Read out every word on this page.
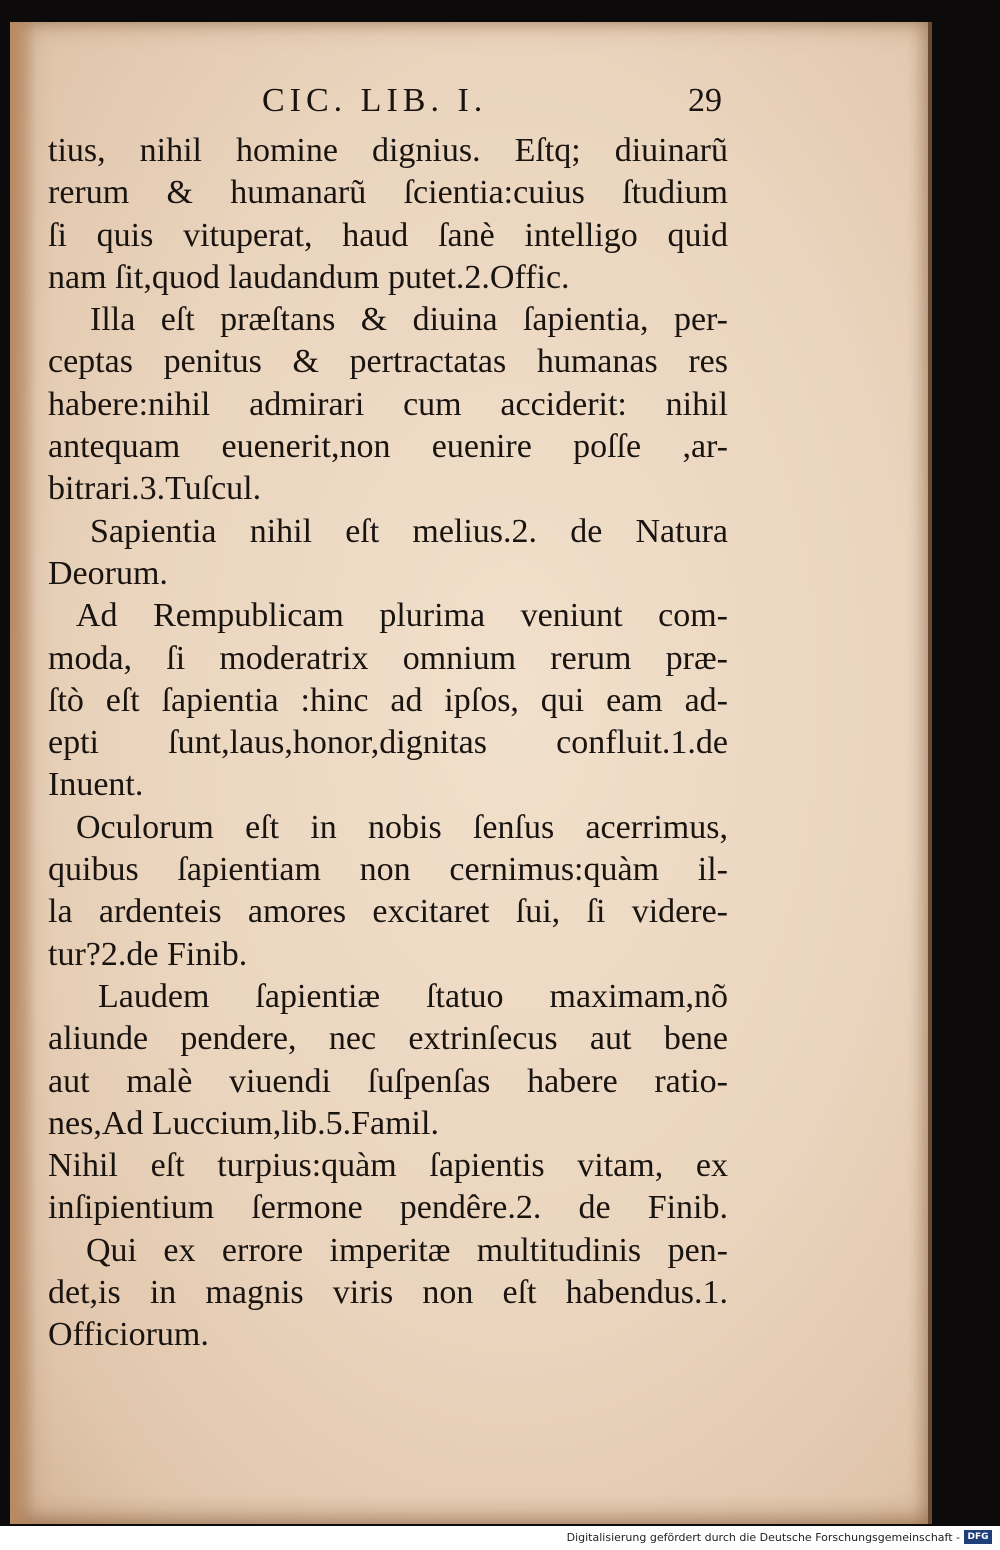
CIC. LIB. I.	29
tius, nihil homine dignius. Eſtq; diuinarũ
rerum & humanarũ ſcientia:cuius ſtudium
ſi quis vituperat, haud ſanè intelligo quid
nam ſit,quod laudandum putet.2.Offic.
Illa eſt præſtans & diuina ſapientia, per-
ceptas penitus & pertractatas humanas res
habere:nihil admirari cum acciderit: nihil
antequam euenerit,non euenire poſſe ,ar-
bitrari.3.Tuſcul.
Sapientia nihil eſt melius.2. de Natura
Deorum.
Ad Rempublicam plurima veniunt com-
moda, ſi moderatrix omnium rerum præ-
ſtò eſt ſapientia :hinc ad ipſos, qui eam ad-
epti ſunt,laus,honor,dignitas confluit.1.de
Inuent.
Oculorum eſt in nobis ſenſus acerrimus,
quibus ſapientiam non cernimus:quàm il-
la ardenteis amores excitaret ſui, ſi videre-
tur?2.de Finib.
Laudem ſapientiæ ſtatuo maximam,nõ
aliunde pendere, nec extrinſecus aut bene
aut malè viuendi ſuſpenſas habere ratio-
nes,Ad Luccium,lib.5.Famil.
Nihil eſt turpius:quàm ſapientis vitam, ex
inſipientium ſermone pendêre.2. de Finib.
Qui ex errore imperitæ multitudinis pen-
det,is in magnis viris non eſt habendus.1.
Officiorum.
Digitalisierung gefördert durch die Deutsche Forschungsgemeinschaft - DFG
